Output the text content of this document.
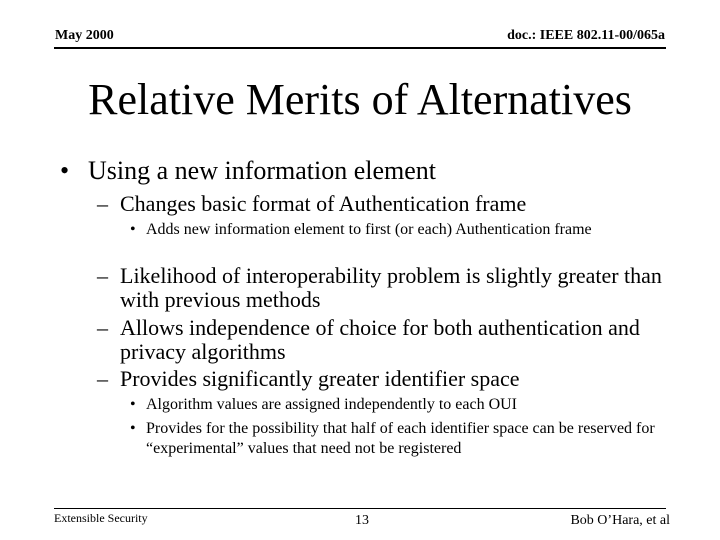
May 2000	doc.: IEEE 802.11-00/065a
Relative Merits of Alternatives
• Using a new information element
– Changes basic format of Authentication frame
• Adds new information element to first (or each) Authentication frame
– Likelihood of interoperability problem is slightly greater than with previous methods
– Allows independence of choice for both authentication and privacy algorithms
– Provides significantly greater identifier space
• Algorithm values are assigned independently to each OUI
• Provides for the possibility that half of each identifier space can be reserved for “experimental” values that need not be registered
Extensible Security	13	Bob O’Hara, et al
